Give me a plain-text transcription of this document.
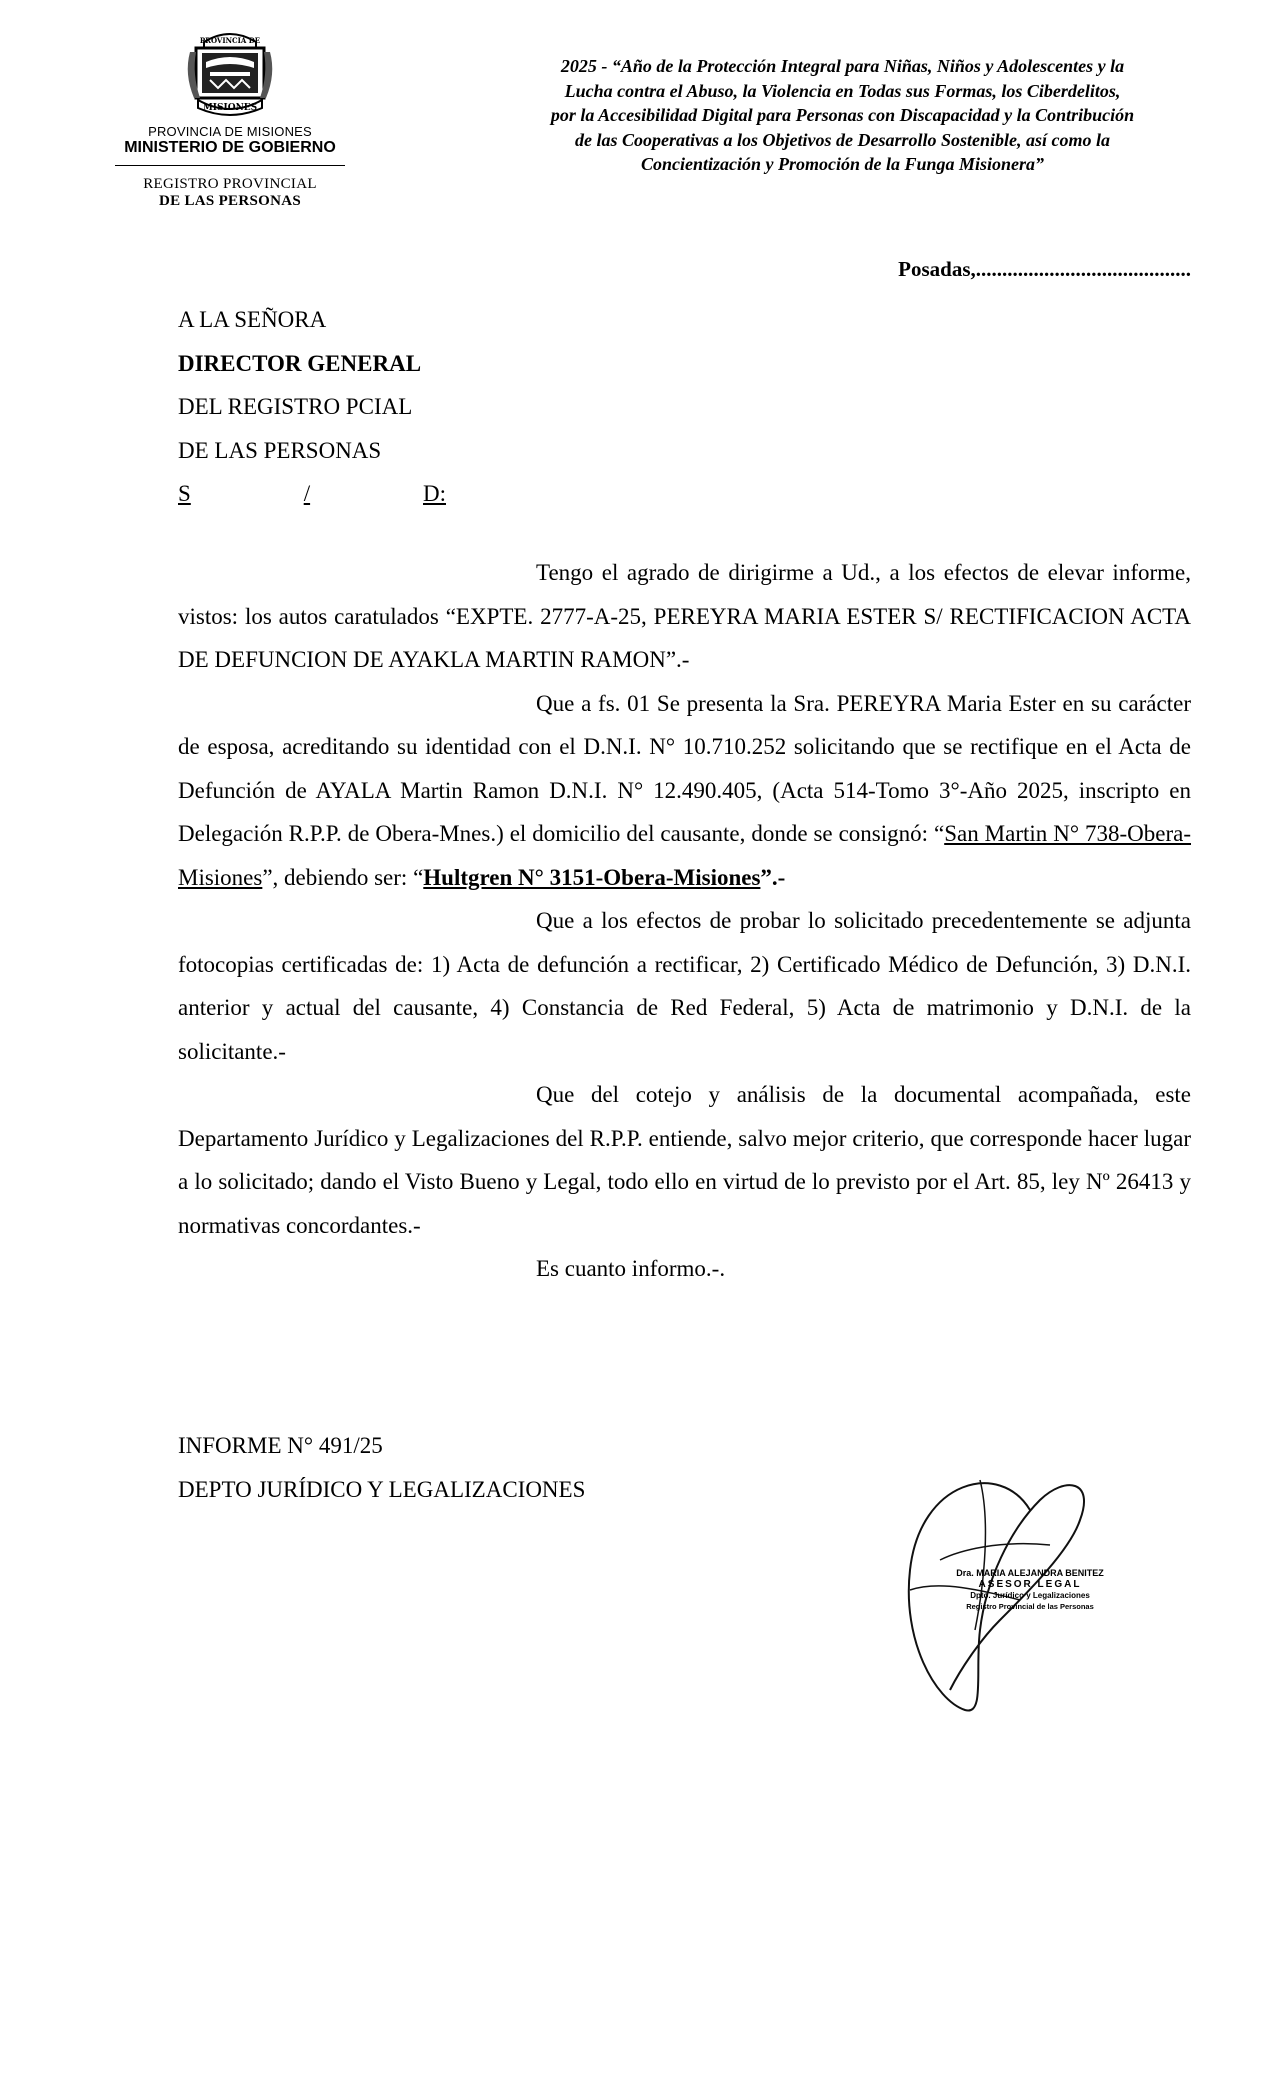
PROVINCIA DE
MISIONES
PROVINCIA DE MISIONES
MINISTERIO DE GOBIERNO
REGISTRO PROVINCIAL
DE LAS PERSONAS
2025 - “Año de la Protección Integral para Niñas, Niños y Adolescentes y la
Lucha contra el Abuso, la Violencia en Todas sus Formas, los Ciberdelitos,
por la Accesibilidad Digital para Personas con Discapacidad y la Contribución
de las Cooperativas a los Objetivos de Desarrollo Sostenible, así como la
Concientización y Promoción de la Funga Misionera”
Posadas,.........................................
A LA SEÑORA
DIRECTOR GENERAL
DEL REGISTRO PCIAL
DE LAS PERSONAS
S	/	D:

Tengo el agrado de dirigirme a Ud., a los efectos de elevar informe, vistos: los autos caratulados “EXPTE. 2777-A-25, PEREYRA MARIA ESTER S/ RECTIFICACION ACTA DE DEFUNCION DE AYAKLA MARTIN RAMON”.-

Que a fs. 01 Se presenta la Sra. PEREYRA Maria Ester en su carácter de esposa, acreditando su identidad con el D.N.I. N° 10.710.252 solicitando que se rectifique en el Acta de Defunción de AYALA Martin Ramon D.N.I. N° 12.490.405, (Acta 514-Tomo 3°-Año 2025, inscripto en Delegación R.P.P. de Obera-Mnes.) el domicilio del causante, donde se consignó: “San Martin N° 738-Obera-Misiones”, debiendo ser: “Hultgren N° 3151-Obera-Misiones”.-

Que a los efectos de probar lo solicitado precedentemente se adjunta fotocopias certificadas de: 1) Acta de defunción a rectificar, 2) Certificado Médico de Defunción, 3) D.N.I. anterior y actual del causante, 4) Constancia de Red Federal, 5) Acta de matrimonio y D.N.I. de la solicitante.-

Que del cotejo y análisis de la documental acompañada, este Departamento Jurídico y Legalizaciones del R.P.P. entiende, salvo mejor criterio, que corresponde hacer lugar a lo solicitado; dando el Visto Bueno y Legal, todo ello en virtud de lo previsto por el Art. 85, ley Nº 26413 y normativas concordantes.-

Es cuanto informo.-.

INFORME N° 491/25
DEPTO JURÍDICO Y LEGALIZACIONES
Dra. MARIA ALEJANDRA BENITEZ
ASESOR LEGAL
Dpto. Jurídico y Legalizaciones
Registro Provincial de las Personas
